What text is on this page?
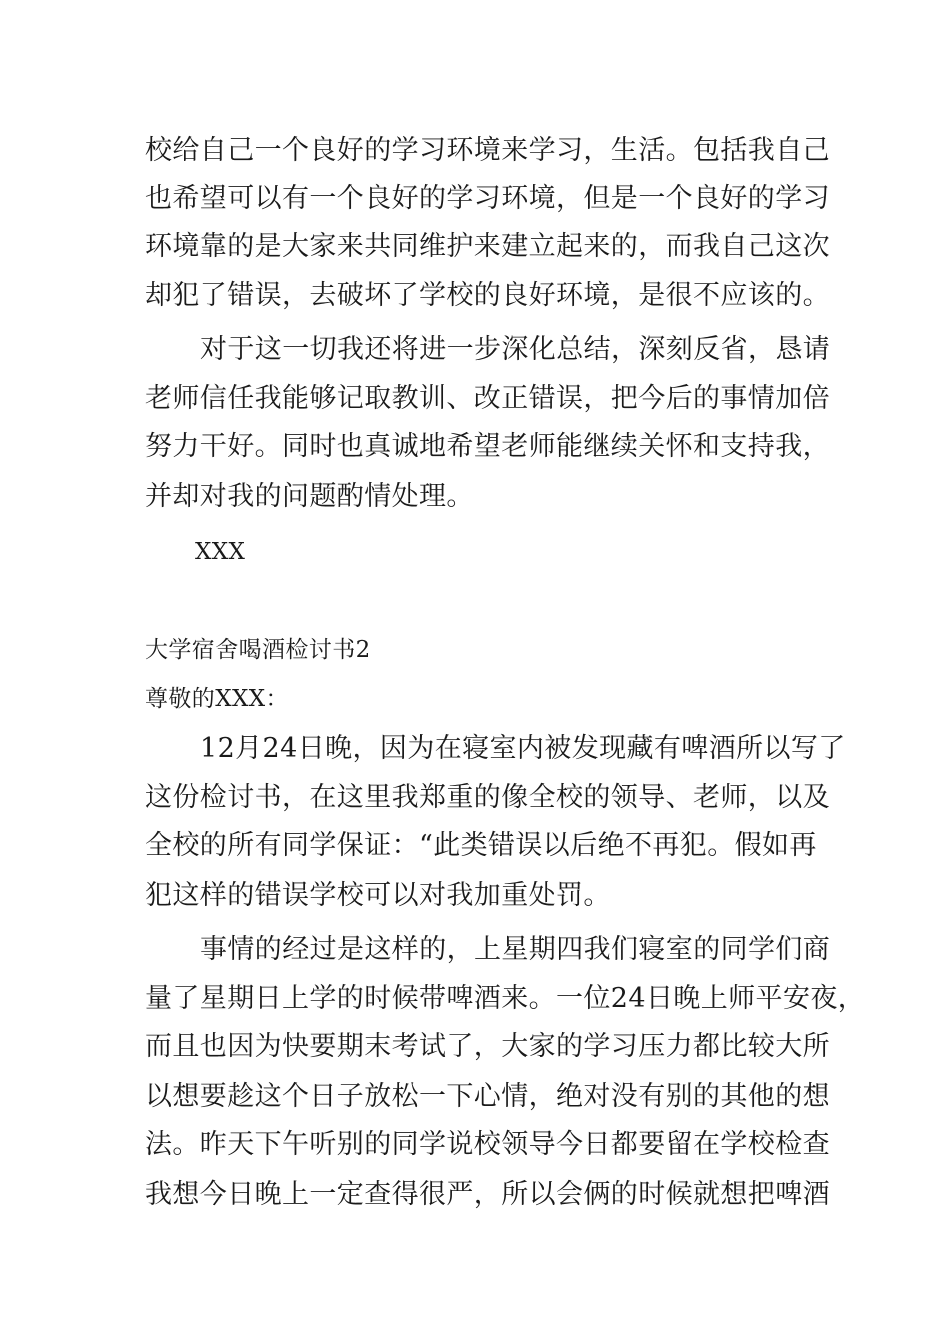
校给自己一个良好的学习环境来学习，生活。包括我自己
也希望可以有一个良好的学习环境，但是一个良好的学习
环境靠的是大家来共同维护来建立起来的，而我自己这次
却犯了错误，去破坏了学校的良好环境，是很不应该的。
对于这一切我还将进一步深化总结，深刻反省，恳请
老师信任我能够记取教训、改正错误，把今后的事情加倍
努力干好。同时也真诚地希望老师能继续关怀和支持我，
并却对我的问题酌情处理。
XXX
大学宿舍喝酒检讨书2
尊敬的XXX：
12月24日晚，因为在寝室内被发现藏有啤酒所以写了
这份检讨书，在这里我郑重的像全校的领导、老师，以及
全校的所有同学保证：“此类错误以后绝不再犯。假如再
犯这样的错误学校可以对我加重处罚。
事情的经过是这样的，上星期四我们寝室的同学们商
量了星期日上学的时候带啤酒来。一位24日晚上师平安夜，
而且也因为快要期末考试了，大家的学习压力都比较大所
以想要趁这个日子放松一下心情，绝对没有别的其他的想
法。昨天下午听别的同学说校领导今日都要留在学校检查
我想今日晚上一定查得很严，所以会俩的时候就想把啤酒
